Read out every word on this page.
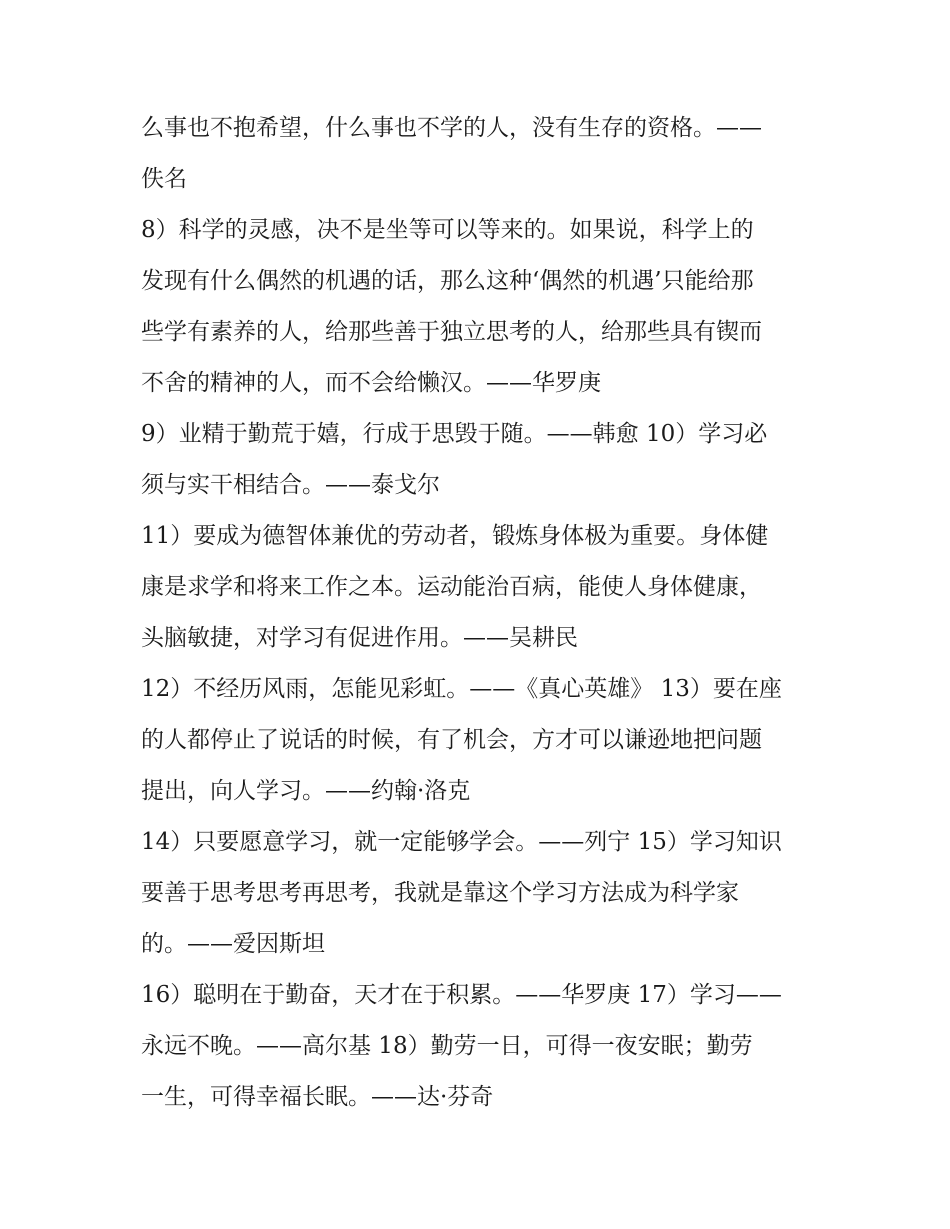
么事也不抱希望，什么事也不学的人，没有生存的资格。——
佚名
8）科学的灵感，决不是坐等可以等来的。如果说，科学上的
发现有什么偶然的机遇的话，那么这种‘偶然的机遇’只能给那
些学有素养的人，给那些善于独立思考的人，给那些具有锲而
不舍的精神的人，而不会给懒汉。——华罗庚
9）业精于勤荒于嬉，行成于思毁于随。——韩愈 10）学习必
须与实干相结合。——泰戈尔
11）要成为德智体兼优的劳动者，锻炼身体极为重要。身体健
康是求学和将来工作之本。运动能治百病，能使人身体健康，
头脑敏捷，对学习有促进作用。——吴耕民
12）不经历风雨，怎能见彩虹。——《真心英雄》 13）要在座
的人都停止了说话的时候，有了机会，方才可以谦逊地把问题
提出，向人学习。——约翰·洛克
14）只要愿意学习，就一定能够学会。——列宁 15）学习知识
要善于思考思考再思考，我就是靠这个学习方法成为科学家
的。——爱因斯坦
16）聪明在于勤奋，天才在于积累。——华罗庚 17）学习——
永远不晚。——高尔基 18）勤劳一日，可得一夜安眠；勤劳
一生，可得幸福长眠。——达·芬奇
